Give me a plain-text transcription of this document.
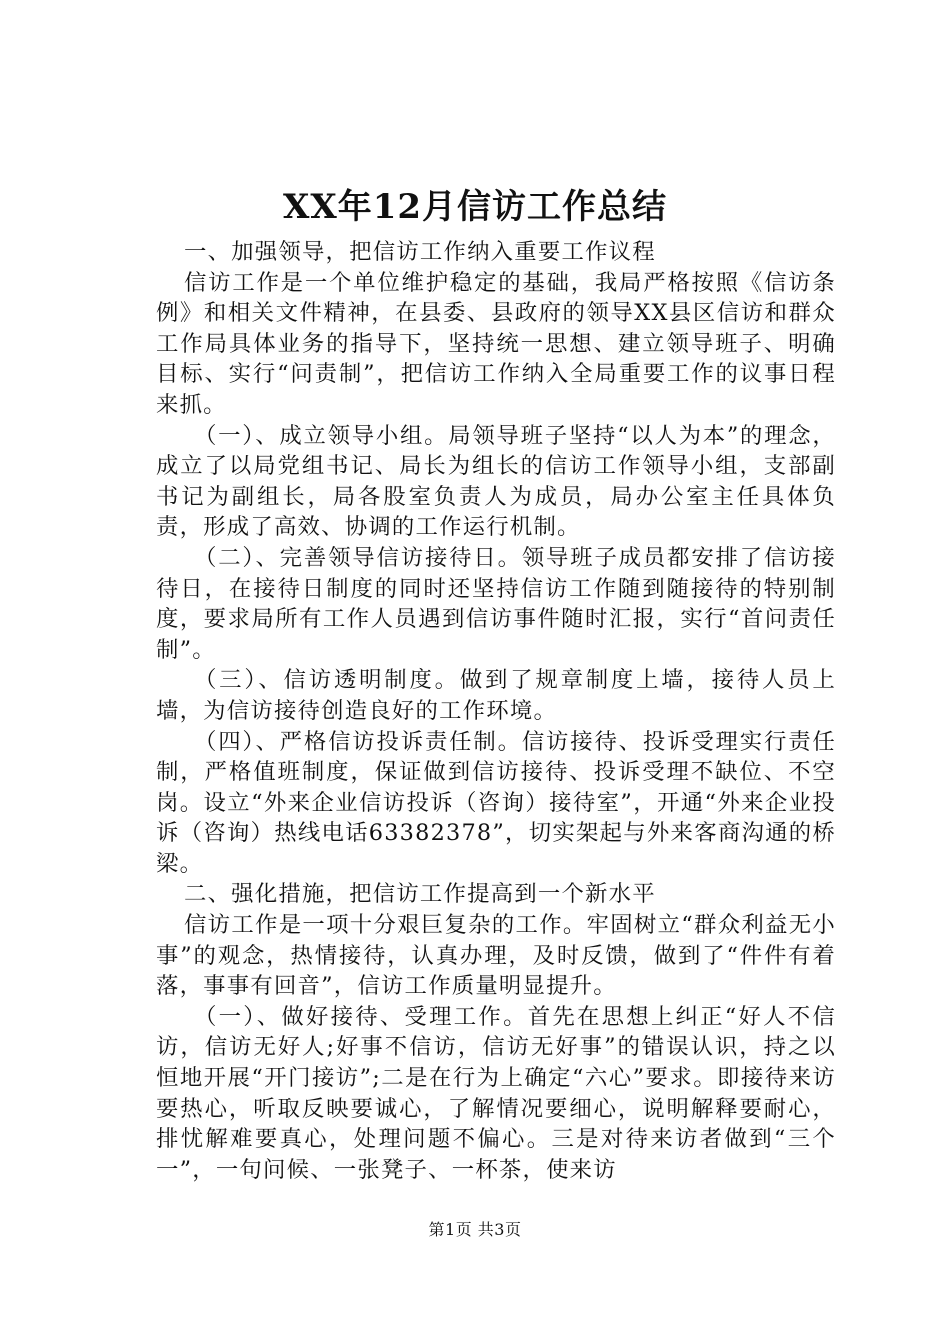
XX年12月信访工作总结

一、加强领导，把信访工作纳入重要工作议程

信访工作是一个单位维护稳定的基础，我局严格按照《信访条例》和相关文件精神，在县委、县政府的领导XX县区信访和群众工作局具体业务的指导下，坚持统一思想、建立领导班子、明确目标、实行“问责制”，把信访工作纳入全局重要工作的议事日程来抓。

（一）、成立领导小组。局领导班子坚持“以人为本”的理念，成立了以局党组书记、局长为组长的信访工作领导小组，支部副书记为副组长，局各股室负责人为成员，局办公室主任具体负责，形成了高效、协调的工作运行机制。

（二）、完善领导信访接待日。领导班子成员都安排了信访接待日，在接待日制度的同时还坚持信访工作随到随接待的特别制度，要求局所有工作人员遇到信访事件随时汇报，实行“首问责任制”。

（三）、信访透明制度。做到了规章制度上墙，接待人员上墙，为信访接待创造良好的工作环境。

（四）、严格信访投诉责任制。信访接待、投诉受理实行责任制，严格值班制度，保证做到信访接待、投诉受理不缺位、不空岗。设立“外来企业信访投诉（咨询）接待室”，开通“外来企业投诉（咨询）热线电话63382378”，切实架起与外来客商沟通的桥梁。

二、强化措施，把信访工作提高到一个新水平

信访工作是一项十分艰巨复杂的工作。牢固树立“群众利益无小事”的观念，热情接待，认真办理，及时反馈，做到了“件件有着落，事事有回音”，信访工作质量明显提升。

（一）、做好接待、受理工作。首先在思想上纠正“好人不信访，信访无好人;好事不信访，信访无好事”的错误认识，持之以恒地开展“开门接访”;二是在行为上确定“六心”要求。即接待来访要热心，听取反映要诚心，了解情况要细心，说明解释要耐心，排忧解难要真心，处理问题不偏心。三是对待来访者做到“三个一”，一句问候、一张凳子、一杯茶，使来访

第1页 共3页
